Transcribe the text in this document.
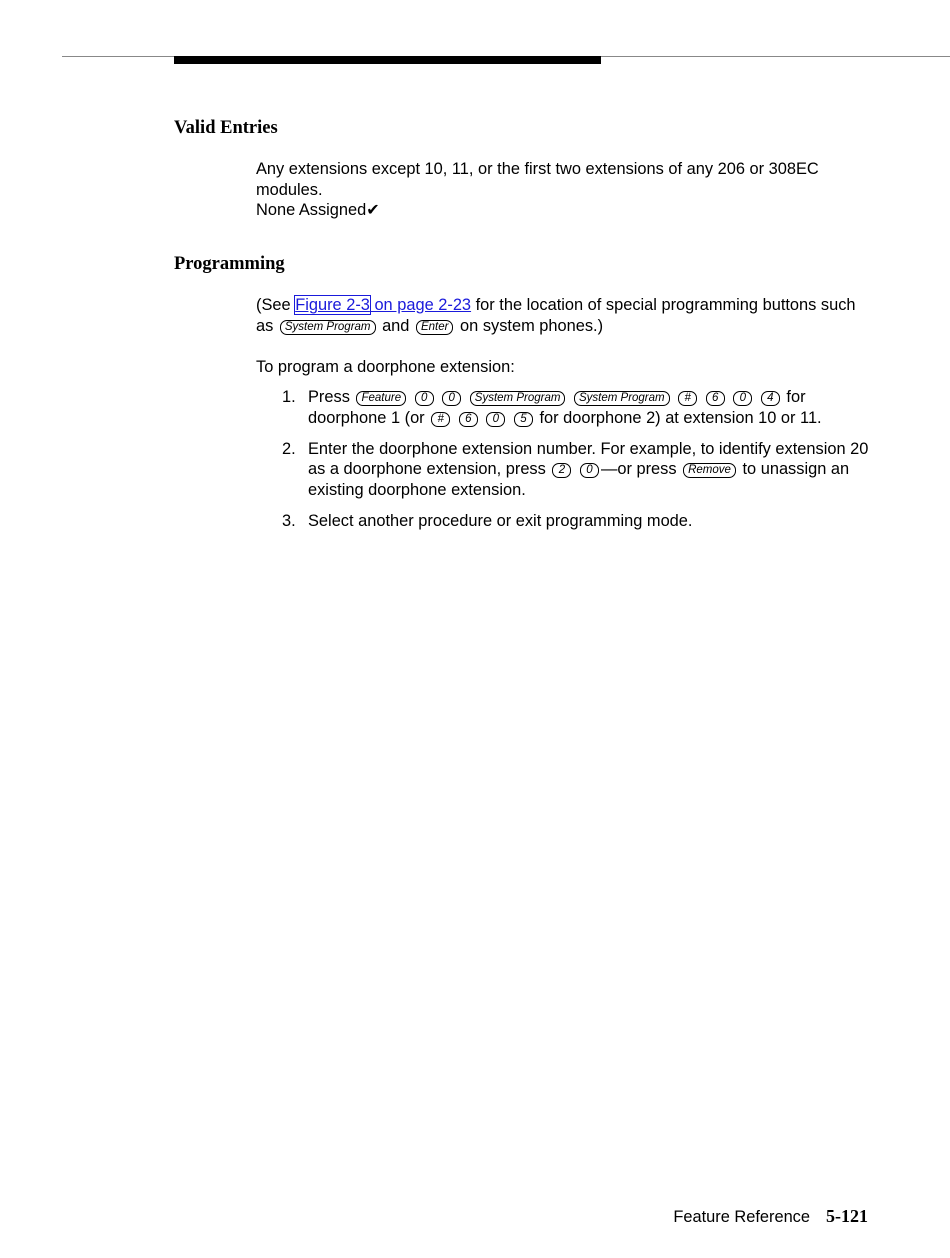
Valid Entries

Any extensions except 10, 11, or the first two extensions of any 206 or 308EC modules.
None Assigned✔

Programming

(See Figure 2-3 on page 2-23 for the location of special programming buttons such as System Program and Enter on system phones.)

To program a doorphone extension:

1. Press Feature 0 0 System Program System Program # 6 0 4 for doorphone 1 (or # 6 0 5 for doorphone 2) at extension 10 or 11.
2. Enter the doorphone extension number. For example, to identify extension 20 as a doorphone extension, press 2 0 —or press Remove to unassign an existing doorphone extension.
3. Select another procedure or exit programming mode.
Feature Reference 5-121
